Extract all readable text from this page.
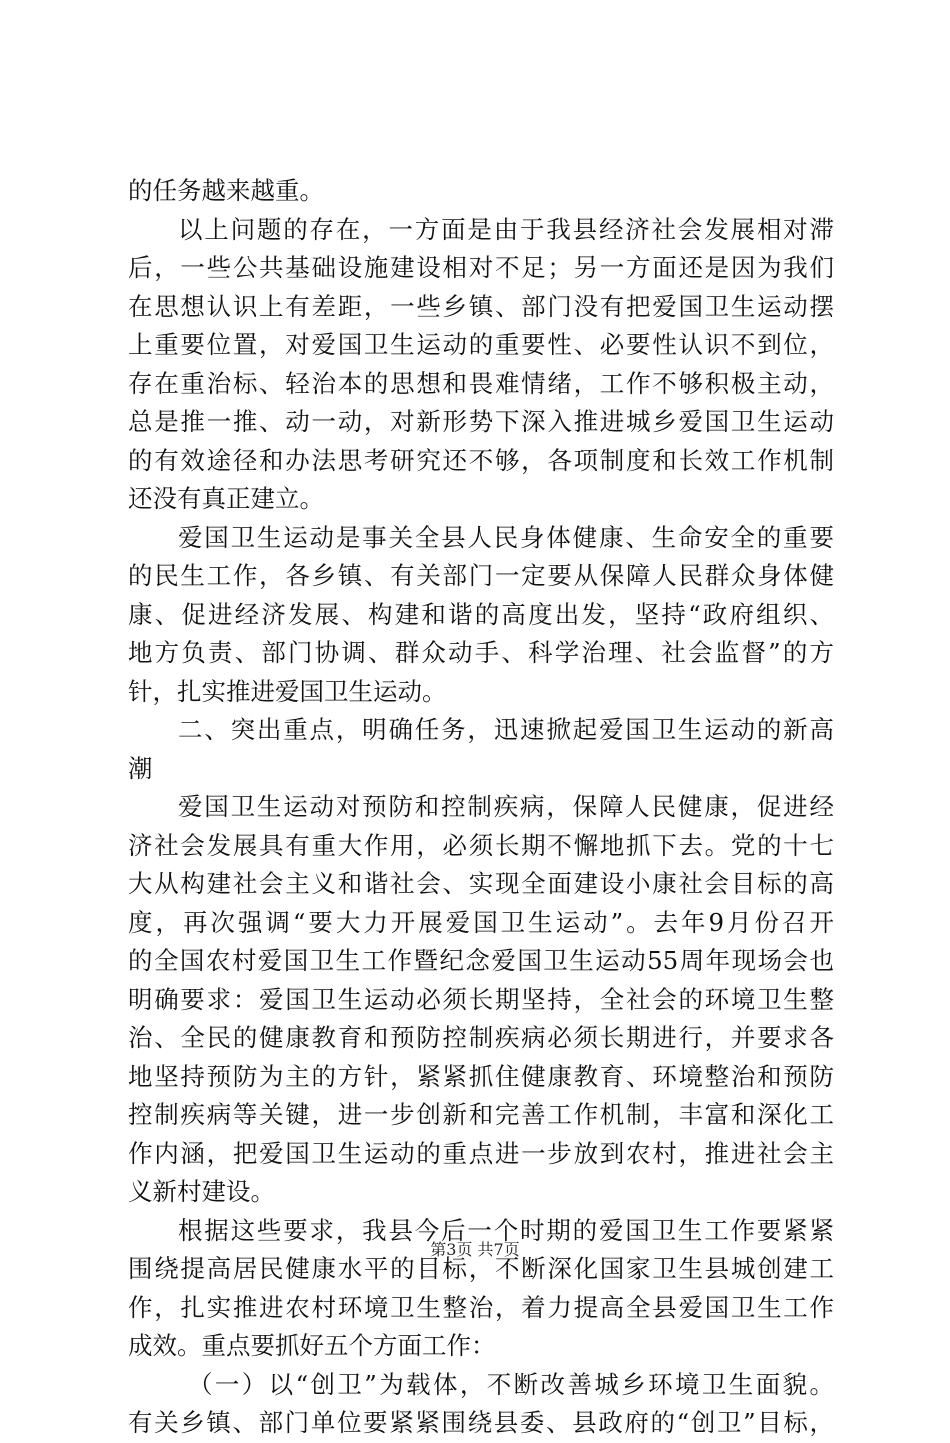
的任务越来越重。
以上问题的存在，一方面是由于我县经济社会发展相对滞
后，一些公共基础设施建设相对不足；另一方面还是因为我们
在思想认识上有差距，一些乡镇、部门没有把爱国卫生运动摆
上重要位置，对爱国卫生运动的重要性、必要性认识不到位，
存在重治标、轻治本的思想和畏难情绪，工作不够积极主动，
总是推一推、动一动，对新形势下深入推进城乡爱国卫生运动
的有效途径和办法思考研究还不够，各项制度和长效工作机制
还没有真正建立。
爱国卫生运动是事关全县人民身体健康、生命安全的重要
的民生工作，各乡镇、有关部门一定要从保障人民群众身体健
康、促进经济发展、构建和谐的高度出发，坚持“政府组织、
地方负责、部门协调、群众动手、科学治理、社会监督”的方
针，扎实推进爱国卫生运动。
二、突出重点，明确任务，迅速掀起爱国卫生运动的新高
潮
爱国卫生运动对预防和控制疾病，保障人民健康，促进经
济社会发展具有重大作用，必须长期不懈地抓下去。党的十七
大从构建社会主义和谐社会、实现全面建设小康社会目标的高
度，再次强调“要大力开展爱国卫生运动”。去年9月份召开
的全国农村爱国卫生工作暨纪念爱国卫生运动55周年现场会也
明确要求：爱国卫生运动必须长期坚持，全社会的环境卫生整
治、全民的健康教育和预防控制疾病必须长期进行，并要求各
地坚持预防为主的方针，紧紧抓住健康教育、环境整治和预防
控制疾病等关键，进一步创新和完善工作机制，丰富和深化工
作内涵，把爱国卫生运动的重点进一步放到农村，推进社会主
义新村建设。
根据这些要求，我县今后一个时期的爱国卫生工作要紧紧
围绕提高居民健康水平的目标，不断深化国家卫生县城创建工
作，扎实推进农村环境卫生整治，着力提高全县爱国卫生工作
成效。重点要抓好五个方面工作：
（一）以“创卫”为载体，不断改善城乡环境卫生面貌。
有关乡镇、部门单位要紧紧围绕县委、县政府的“创卫”目标，
第3页 共7页
